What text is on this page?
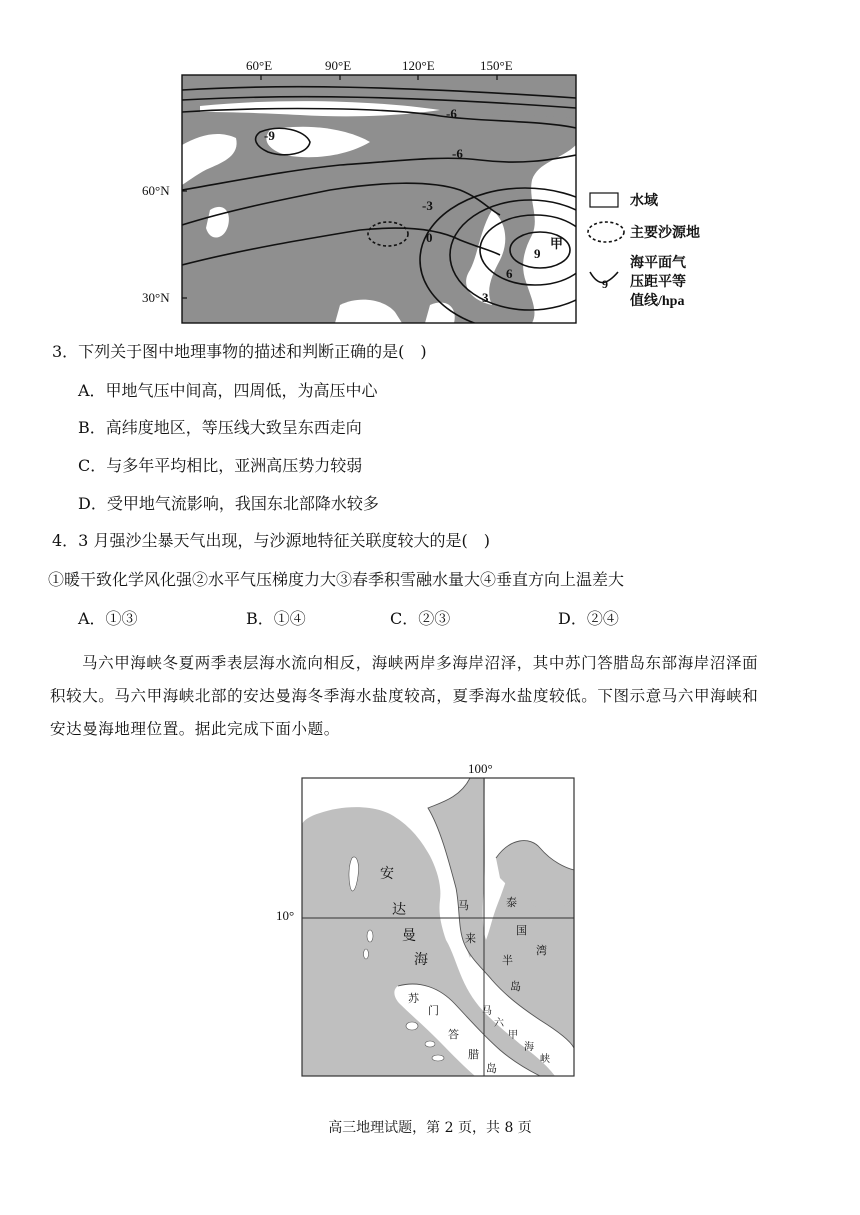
60°E	90°E	120°E	150°E
60°N
30°N
-9
-6
-6
-3
0
3
6
9
甲
水域
主要沙源地
9
海平面气
压距平等
值线/hpa
3．下列关于图中地理事物的描述和判断正确的是(　)
A．甲地气压中间高，四周低，为高压中心
B．高纬度地区，等压线大致呈东西走向
C．与多年平均相比，亚洲高压势力较弱
D．受甲地气流影响，我国东北部降水较多
4．3 月强沙尘暴天气出现，与沙源地特征关联度较大的是(　)
①暖干致化学风化强②水平气压梯度力大③春季积雪融水量大④垂直方向上温差大
A．①③	B．①④	C．②③	D．②④
马六甲海峡冬夏两季表层海水流向相反，海峡两岸多海岸沼泽，其中苏门答腊岛东部海岸沼泽面
积较大。马六甲海峡北部的安达曼海冬季海水盐度较高，夏季海水盐度较低。下图示意马六甲海峡和
安达曼海地理位置。据此完成下面小题。
100°
10°
安
达
曼
海
马
来
半
岛
泰
国
湾
苏
门
答
腊
岛
马
六
甲
海
峡
高三地理试题，第 2 页，共 8 页
